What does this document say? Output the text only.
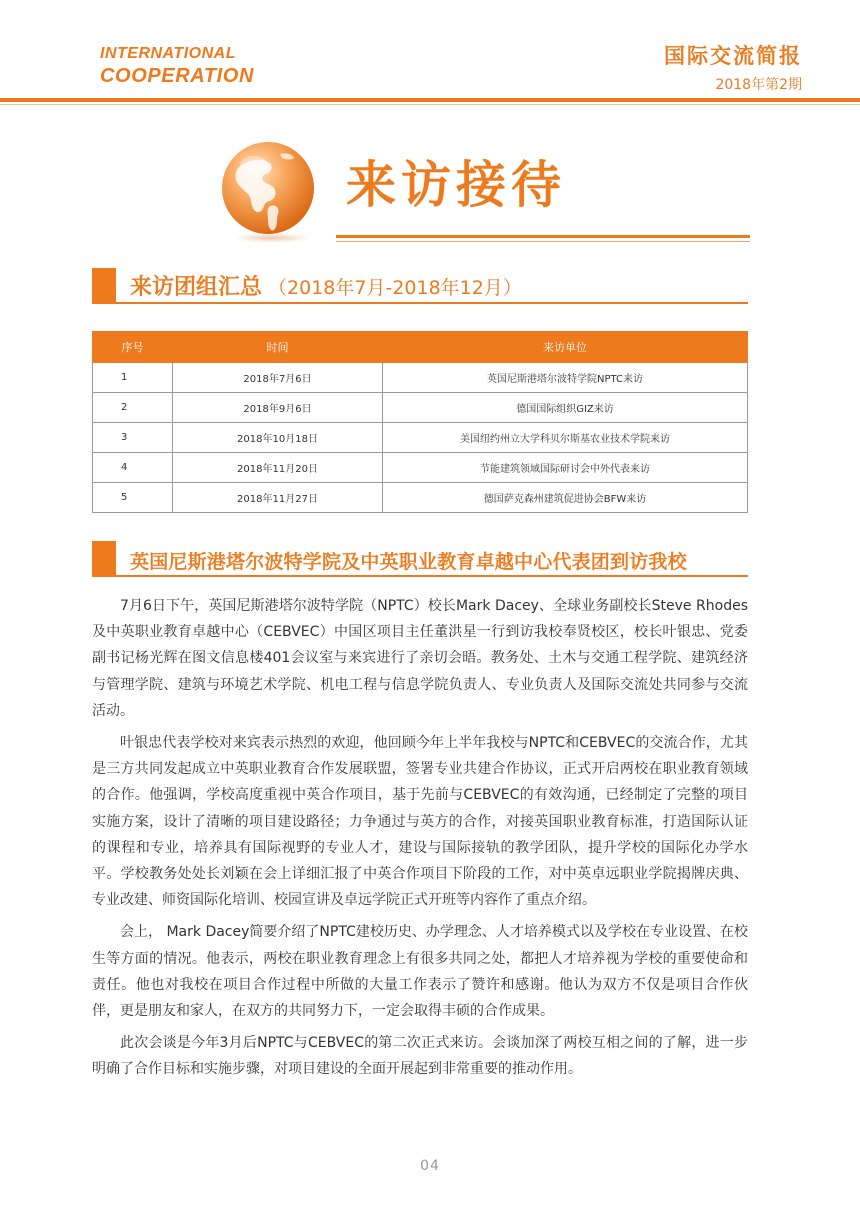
INTERNATIONAL
COOPERATION
国际交流简报
2018年第2期
来访接待
来访团组汇总 （2018年7月-2018年12月）
序号	时间	来访单位
1	2018年7月6日	英国尼斯港塔尔波特学院NPTC来访
2	2018年9月6日	德国国际组织GIZ来访
3	2018年10月18日	美国纽约州立大学科贝尔斯基农业技术学院来访
4	2018年11月20日	节能建筑领域国际研讨会中外代表来访
5	2018年11月27日	德国萨克森州建筑促进协会BFW来访
英国尼斯港塔尔波特学院及中英职业教育卓越中心代表团到访我校

7月6日下午，英国尼斯港塔尔波特学院（NPTC）校长Mark Dacey、全球业务副校长Steve Rhodes及中英职业教育卓越中心（CEBVEC）中国区项目主任董洪星一行到访我校奉贤校区，校长叶银忠、党委副书记杨光辉在图文信息楼401会议室与来宾进行了亲切会晤。教务处、土木与交通工程学院、建筑经济与管理学院、建筑与环境艺术学院、机电工程与信息学院负责人、专业负责人及国际交流处共同参与交流活动。

叶银忠代表学校对来宾表示热烈的欢迎，他回顾今年上半年我校与NPTC和CEBVEC的交流合作，尤其是三方共同发起成立中英职业教育合作发展联盟，签署专业共建合作协议，正式开启两校在职业教育领域的合作。他强调，学校高度重视中英合作项目，基于先前与CEBVEC的有效沟通，已经制定了完整的项目实施方案，设计了清晰的项目建设路径；力争通过与英方的合作，对接英国职业教育标准，打造国际认证的课程和专业，培养具有国际视野的专业人才，建设与国际接轨的教学团队，提升学校的国际化办学水平。学校教务处处长刘颖在会上详细汇报了中英合作项目下阶段的工作，对中英卓远职业学院揭牌庆典、专业改建、师资国际化培训、校园宣讲及卓远学院正式开班等内容作了重点介绍。

会上， Mark Dacey简要介绍了NPTC建校历史、办学理念、人才培养模式以及学校在专业设置、在校生等方面的情况。他表示，两校在职业教育理念上有很多共同之处，都把人才培养视为学校的重要使命和责任。他也对我校在项目合作过程中所做的大量工作表示了赞许和感谢。他认为双方不仅是项目合作伙伴，更是朋友和家人，在双方的共同努力下，一定会取得丰硕的合作成果。

此次会谈是今年3月后NPTC与CEBVEC的第二次正式来访。会谈加深了两校互相之间的了解，进一步明确了合作目标和实施步骤，对项目建设的全面开展起到非常重要的推动作用。

04
